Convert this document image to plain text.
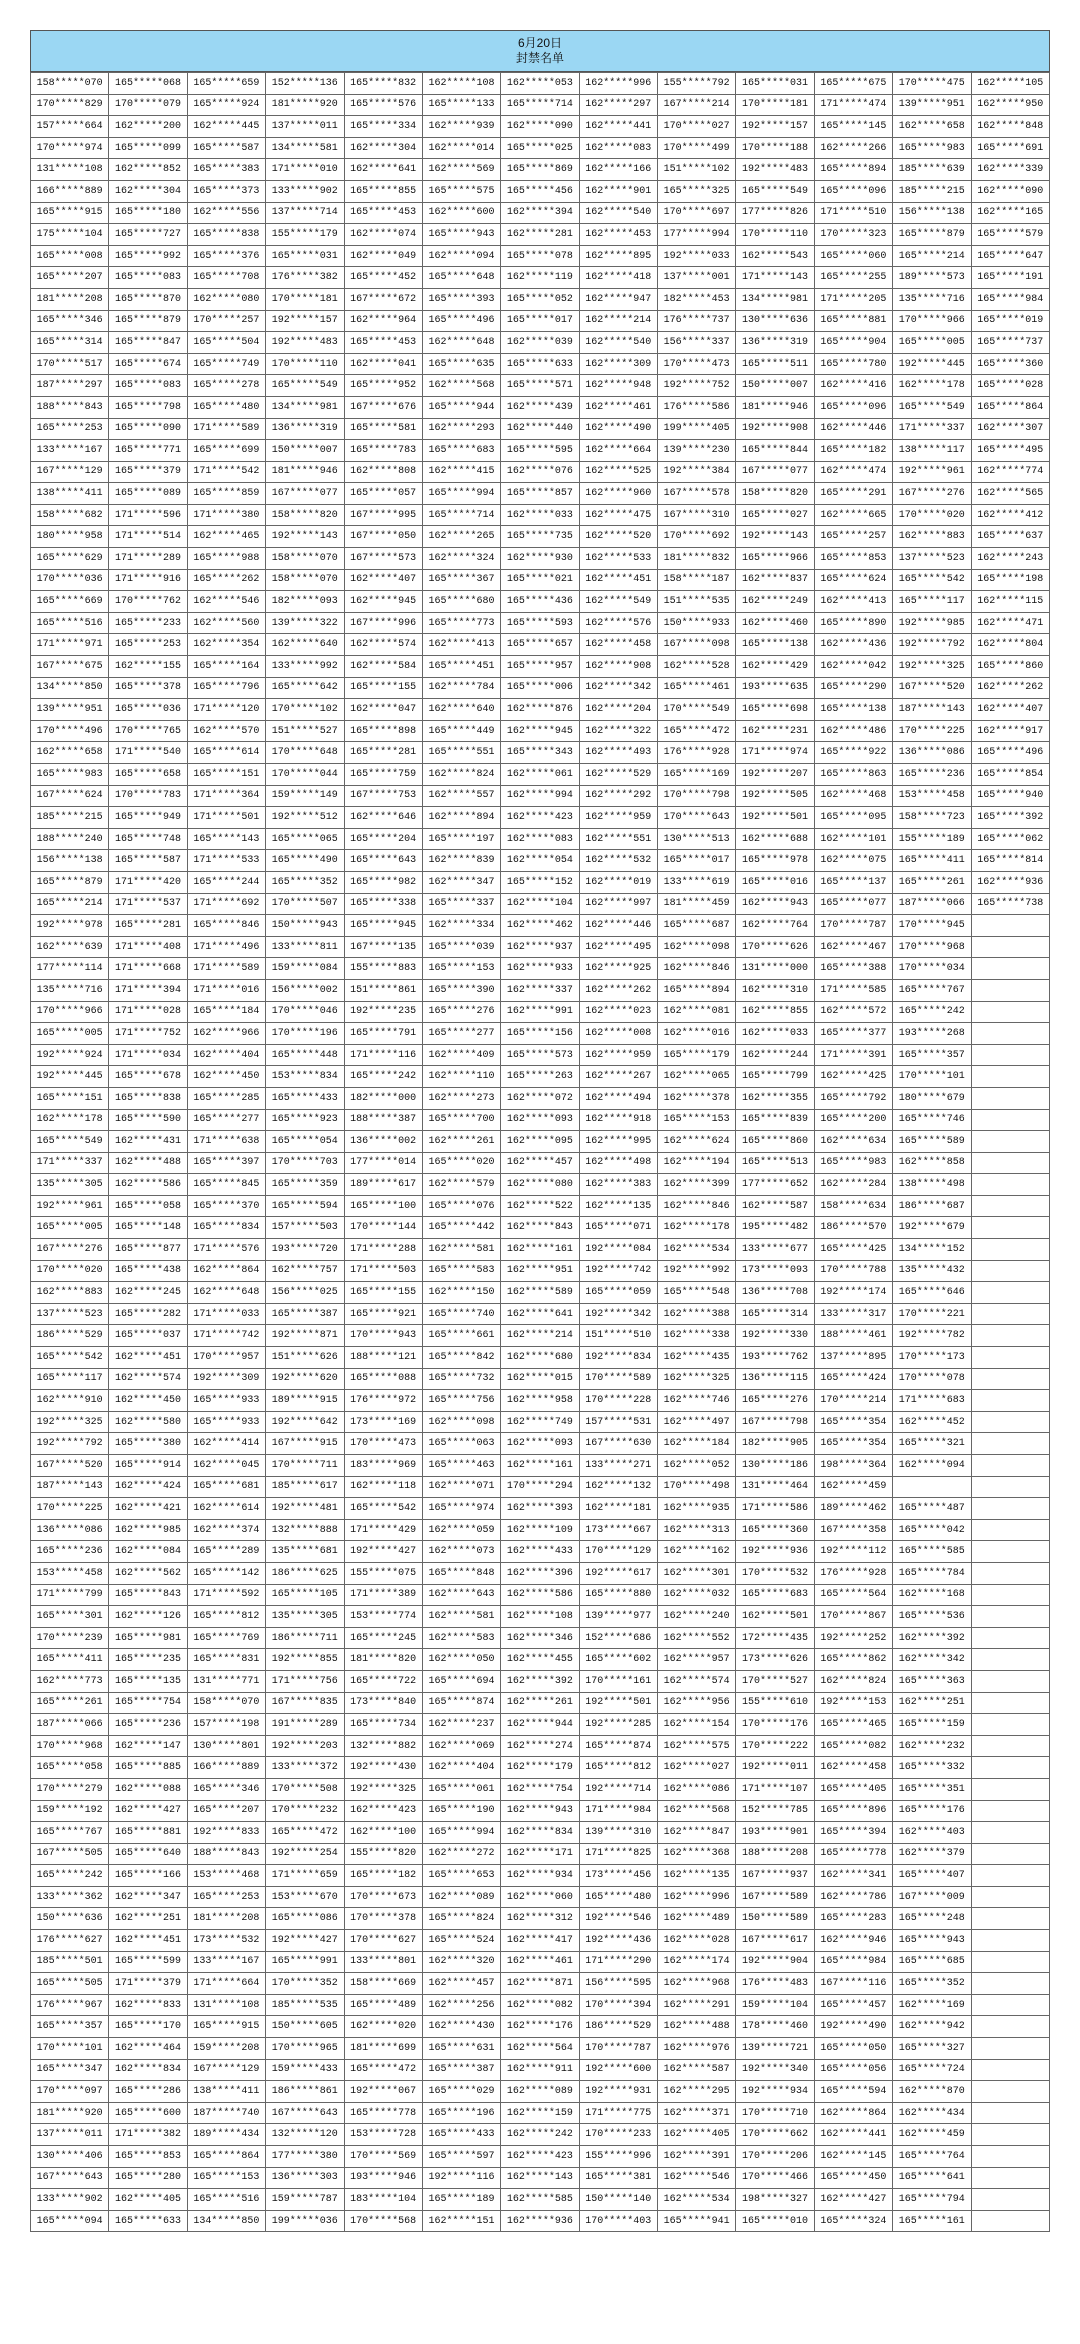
6月20日
封禁名单
158*****070	165*****068	165*****659	152*****136	165*****832	162*****108	162*****053	162*****996	155*****792	165*****031	165*****675	170*****475	162*****105
170*****829	170*****079	165*****924	181*****920	165*****576	165*****133	165*****714	162*****297	167*****214	170*****181	171*****474	139*****951	162*****950
157*****664	162*****200	162*****445	137*****011	165*****334	162*****939	162*****090	162*****441	170*****027	192*****157	165*****145	162*****658	162*****848
170*****974	165*****099	165*****587	134*****581	162*****304	162*****014	165*****025	162*****083	170*****499	170*****188	162*****266	165*****983	165*****691
131*****108	162*****852	165*****383	171*****010	162*****641	162*****569	165*****869	162*****166	151*****102	192*****483	165*****894	185*****639	162*****339
166*****889	162*****304	165*****373	133*****902	165*****855	165*****575	165*****456	162*****901	165*****325	165*****549	165*****096	185*****215	162*****090
165*****915	165*****180	162*****556	137*****714	165*****453	162*****600	162*****394	162*****540	170*****697	177*****826	171*****510	156*****138	162*****165
175*****104	165*****727	165*****838	155*****179	162*****074	165*****943	162*****281	162*****453	177*****994	170*****110	170*****323	165*****879	165*****579
165*****008	165*****992	165*****376	165*****031	162*****049	162*****094	165*****078	162*****895	192*****033	162*****543	165*****060	165*****214	165*****647
165*****207	165*****083	165*****708	176*****382	165*****452	165*****648	162*****119	162*****418	137*****001	171*****143	165*****255	189*****573	165*****191
181*****208	165*****870	162*****080	170*****181	167*****672	165*****393	165*****052	162*****947	182*****453	134*****981	171*****205	135*****716	165*****984
165*****346	165*****879	170*****257	192*****157	162*****964	165*****496	165*****017	162*****214	176*****737	130*****636	165*****881	170*****966	165*****019
165*****314	165*****847	165*****504	192*****483	165*****453	162*****648	162*****039	162*****540	156*****337	136*****319	165*****904	165*****005	165*****737
170*****517	165*****674	165*****749	170*****110	162*****041	165*****635	165*****633	162*****309	170*****473	165*****511	165*****780	192*****445	165*****360
187*****297	165*****083	165*****278	165*****549	165*****952	162*****568	165*****571	162*****948	192*****752	150*****007	162*****416	162*****178	165*****028
188*****843	165*****798	165*****480	134*****981	167*****676	165*****944	162*****439	162*****461	176*****586	181*****946	165*****096	165*****549	165*****864
165*****253	165*****090	171*****589	136*****319	165*****581	162*****293	162*****440	162*****490	199*****405	192*****908	162*****446	171*****337	162*****307
133*****167	165*****771	165*****699	150*****007	165*****783	165*****683	165*****595	162*****664	139*****230	165*****844	165*****182	138*****117	165*****495
167*****129	165*****379	171*****542	181*****946	162*****808	162*****415	162*****076	162*****525	192*****384	167*****077	162*****474	192*****961	162*****774
138*****411	165*****089	165*****859	167*****077	165*****057	165*****994	165*****857	162*****960	167*****578	158*****820	165*****291	167*****276	162*****565
158*****682	171*****596	171*****380	158*****820	167*****995	165*****714	162*****033	162*****475	167*****310	165*****027	162*****665	170*****020	162*****412
180*****958	171*****514	162*****465	192*****143	167*****050	162*****265	165*****735	162*****520	170*****692	192*****143	165*****257	162*****883	165*****637
165*****629	171*****289	165*****988	158*****070	167*****573	162*****324	162*****930	162*****533	181*****832	165*****966	165*****853	137*****523	162*****243
170*****036	171*****916	165*****262	158*****070	162*****407	165*****367	165*****021	162*****451	158*****187	162*****837	165*****624	165*****542	165*****198
165*****669	170*****762	162*****546	182*****093	162*****945	165*****680	165*****436	162*****549	151*****535	162*****249	162*****413	165*****117	162*****115
165*****516	165*****233	162*****560	139*****322	167*****996	165*****773	165*****593	162*****576	150*****933	162*****460	165*****890	192*****985	162*****471
171*****971	165*****253	162*****354	162*****640	162*****574	162*****413	165*****657	162*****458	167*****098	165*****138	162*****436	192*****792	162*****804
167*****675	162*****155	165*****164	133*****992	162*****584	165*****451	165*****957	162*****908	162*****528	162*****429	162*****042	192*****325	165*****860
134*****850	165*****378	165*****796	165*****642	165*****155	162*****784	165*****006	162*****342	165*****461	193*****635	165*****290	167*****520	162*****262
139*****951	165*****036	171*****120	170*****102	162*****047	162*****640	162*****876	162*****204	170*****549	165*****698	165*****138	187*****143	162*****407
170*****496	170*****765	162*****570	151*****527	165*****898	165*****449	162*****945	162*****322	165*****472	162*****231	162*****486	170*****225	162*****917
162*****658	171*****540	165*****614	170*****648	165*****281	165*****551	165*****343	162*****493	176*****928	171*****974	165*****922	136*****086	165*****496
165*****983	165*****658	165*****151	170*****044	165*****759	162*****824	162*****061	162*****529	165*****169	192*****207	165*****863	165*****236	165*****854
167*****624	170*****783	171*****364	159*****149	167*****753	162*****557	162*****994	162*****292	170*****798	192*****505	162*****468	153*****458	165*****940
185*****215	165*****949	171*****501	192*****512	162*****646	162*****894	162*****423	162*****959	170*****643	192*****501	165*****095	158*****723	165*****392
188*****240	165*****748	165*****143	165*****065	165*****204	165*****197	162*****083	162*****551	130*****513	162*****688	162*****101	155*****189	165*****062
156*****138	165*****587	171*****533	165*****490	165*****643	162*****839	162*****054	162*****532	165*****017	165*****978	162*****075	165*****411	165*****814
165*****879	171*****420	165*****244	165*****352	165*****982	162*****347	165*****152	162*****019	133*****619	165*****016	165*****137	165*****261	162*****936
165*****214	171*****537	171*****692	170*****507	165*****338	165*****337	162*****104	162*****997	181*****459	162*****943	165*****077	187*****066	165*****738
192*****978	165*****281	165*****846	150*****943	165*****945	162*****334	162*****462	162*****446	165*****687	162*****764	170*****787	170*****945	
162*****639	171*****408	171*****496	133*****811	167*****135	165*****039	162*****937	162*****495	162*****098	170*****626	162*****467	170*****968	
177*****114	171*****668	171*****589	159*****084	155*****883	165*****153	162*****933	162*****925	162*****846	131*****000	165*****388	170*****034	
135*****716	171*****394	171*****016	156*****002	151*****861	165*****390	162*****337	162*****262	165*****894	162*****310	171*****585	165*****767	
170*****966	171*****028	165*****184	170*****046	192*****235	165*****276	162*****991	162*****023	162*****081	162*****855	162*****572	165*****242	
165*****005	171*****752	162*****966	170*****196	165*****791	165*****277	165*****156	162*****008	162*****016	162*****033	165*****377	193*****268	
192*****924	171*****034	162*****404	165*****448	171*****116	162*****409	165*****573	162*****959	165*****179	162*****244	171*****391	165*****357	
192*****445	165*****678	162*****450	153*****834	165*****242	162*****110	165*****263	162*****267	162*****065	165*****799	162*****425	170*****101	
165*****151	165*****838	165*****285	165*****433	182*****000	162*****273	162*****072	162*****494	162*****378	162*****355	165*****792	180*****679	
162*****178	165*****590	165*****277	165*****923	188*****387	165*****700	162*****093	162*****918	165*****153	165*****839	165*****200	165*****746	
165*****549	162*****431	171*****638	165*****054	136*****002	162*****261	162*****095	162*****995	162*****624	165*****860	162*****634	165*****589	
171*****337	162*****488	165*****397	170*****703	177*****014	165*****020	162*****457	162*****498	162*****194	165*****513	165*****983	162*****858	
135*****305	162*****586	165*****845	165*****359	189*****617	162*****579	162*****080	162*****383	162*****399	177*****652	162*****284	138*****498	
192*****961	165*****058	165*****370	165*****594	165*****100	165*****076	162*****522	162*****135	162*****846	162*****587	158*****634	186*****687	
165*****005	165*****148	165*****834	157*****503	170*****144	165*****442	162*****843	165*****071	162*****178	195*****482	186*****570	192*****679	
167*****276	165*****877	171*****576	193*****720	171*****288	162*****581	162*****161	192*****084	162*****534	133*****677	165*****425	134*****152	
170*****020	165*****438	162*****864	162*****757	171*****503	165*****583	162*****951	192*****742	192*****992	173*****093	170*****788	135*****432	
162*****883	162*****245	162*****648	156*****025	165*****155	162*****150	162*****589	165*****059	165*****548	136*****708	192*****174	165*****646	
137*****523	165*****282	171*****033	165*****387	165*****921	165*****740	162*****641	192*****342	162*****388	165*****314	133*****317	170*****221	
186*****529	165*****037	171*****742	192*****871	170*****943	165*****661	162*****214	151*****510	162*****338	192*****330	188*****461	192*****782	
165*****542	162*****451	170*****957	151*****626	188*****121	165*****842	162*****680	192*****834	162*****435	193*****762	137*****895	170*****173	
165*****117	162*****574	192*****309	192*****620	165*****088	165*****732	162*****015	170*****589	162*****325	136*****115	165*****424	170*****078	
162*****910	162*****450	165*****933	189*****915	176*****972	165*****756	162*****958	170*****228	162*****746	165*****276	170*****214	171*****683	
192*****325	162*****580	165*****933	192*****642	173*****169	162*****098	162*****749	157*****531	162*****497	167*****798	165*****354	162*****452	
192*****792	165*****380	162*****414	167*****915	170*****473	165*****063	162*****093	167*****630	162*****184	182*****905	165*****354	165*****321	
167*****520	165*****914	162*****045	170*****711	183*****969	165*****463	162*****161	133*****271	162*****052	130*****186	198*****364	162*****094	
187*****143	162*****424	165*****681	185*****617	162*****118	162*****071	170*****294	162*****132	170*****498	131*****464	162*****459		
170*****225	162*****421	162*****614	192*****481	165*****542	165*****974	162*****393	162*****181	162*****935	171*****586	189*****462	165*****487	
136*****086	162*****985	162*****374	132*****888	171*****429	162*****059	162*****109	173*****667	162*****313	165*****360	167*****358	165*****042	
165*****236	162*****084	165*****289	135*****681	192*****427	162*****073	162*****433	170*****129	162*****162	192*****936	192*****112	165*****585	
153*****458	162*****562	165*****142	186*****625	155*****075	165*****848	162*****396	192*****617	162*****301	170*****532	176*****928	165*****784	
171*****799	165*****843	171*****592	165*****105	171*****389	162*****643	162*****586	165*****880	162*****032	165*****683	165*****564	162*****168	
165*****301	162*****126	165*****812	135*****305	153*****774	162*****581	162*****108	139*****977	162*****240	162*****501	170*****867	165*****536	
170*****239	165*****981	165*****769	186*****711	165*****245	162*****583	162*****346	152*****686	162*****552	172*****435	192*****252	162*****392	
165*****411	165*****235	165*****831	192*****855	181*****820	162*****050	162*****455	165*****602	162*****957	173*****626	165*****862	162*****342	
162*****773	165*****135	131*****771	171*****756	165*****722	165*****694	162*****392	170*****161	162*****574	170*****527	162*****824	165*****363	
165*****261	165*****754	158*****070	167*****835	173*****840	165*****874	162*****261	192*****501	162*****956	155*****610	192*****153	162*****251	
187*****066	165*****236	157*****198	191*****289	165*****734	162*****237	162*****944	192*****285	162*****154	170*****176	165*****465	165*****159	
170*****968	162*****147	130*****801	192*****203	132*****882	162*****069	162*****274	165*****874	162*****575	170*****222	165*****082	162*****232	
165*****058	165*****885	166*****889	133*****372	192*****430	162*****404	162*****179	165*****812	162*****027	192*****011	162*****458	165*****332	
170*****279	162*****088	165*****346	170*****508	192*****325	165*****061	162*****754	192*****714	162*****086	171*****107	165*****405	165*****351	
159*****192	162*****427	165*****207	170*****232	162*****423	165*****190	162*****943	171*****984	162*****568	152*****785	165*****896	165*****176	
165*****767	165*****881	192*****833	165*****472	162*****100	165*****994	162*****834	139*****310	162*****847	193*****901	165*****394	162*****403	
167*****505	165*****640	188*****843	192*****254	155*****820	162*****272	162*****171	171*****825	162*****368	188*****208	165*****778	162*****379	
165*****242	165*****166	153*****468	171*****659	165*****182	165*****653	162*****934	173*****456	162*****135	167*****937	162*****341	165*****407	
133*****362	162*****347	165*****253	153*****670	170*****673	162*****089	162*****060	165*****480	162*****996	167*****589	162*****786	167*****009	
150*****636	162*****251	181*****208	165*****086	170*****378	165*****824	162*****312	192*****546	162*****489	150*****589	165*****283	165*****248	
176*****627	162*****451	173*****532	192*****427	170*****627	165*****524	162*****417	192*****436	162*****028	167*****617	162*****946	165*****943	
185*****501	165*****599	133*****167	165*****991	133*****801	162*****320	162*****461	171*****290	162*****174	192*****904	165*****984	165*****685	
165*****505	171*****379	171*****664	170*****352	158*****669	162*****457	162*****871	156*****595	162*****968	176*****483	167*****116	165*****352	
176*****967	162*****833	131*****108	185*****535	165*****489	162*****256	162*****082	170*****394	162*****291	159*****104	165*****457	162*****169	
165*****357	165*****170	165*****915	150*****605	162*****020	162*****430	162*****176	186*****529	162*****488	178*****460	192*****490	162*****942	
170*****101	162*****464	159*****208	170*****965	181*****699	165*****631	162*****564	170*****787	162*****976	139*****721	165*****050	165*****327	
165*****347	162*****834	167*****129	159*****433	165*****472	165*****387	162*****911	192*****600	162*****587	192*****340	165*****056	165*****724	
170*****097	165*****286	138*****411	186*****861	192*****067	165*****029	162*****089	192*****931	162*****295	192*****934	165*****594	162*****870	
181*****920	165*****600	187*****740	167*****643	165*****778	165*****196	162*****159	171*****775	162*****371	170*****710	162*****864	162*****434	
137*****011	171*****382	189*****434	132*****120	153*****728	165*****433	162*****242	170*****233	162*****405	170*****662	162*****441	162*****459	
130*****406	165*****853	165*****864	177*****380	170*****569	165*****597	162*****423	155*****996	162*****391	170*****206	162*****145	165*****764	
167*****643	165*****280	165*****153	136*****303	193*****946	192*****116	162*****143	165*****381	162*****546	170*****466	165*****450	165*****641	
133*****902	162*****405	165*****516	159*****787	183*****104	165*****189	162*****585	150*****140	162*****534	198*****327	162*****427	165*****794	
165*****094	165*****633	134*****850	199*****036	170*****568	162*****151	162*****936	170*****403	165*****941	165*****010	165*****324	165*****161	
